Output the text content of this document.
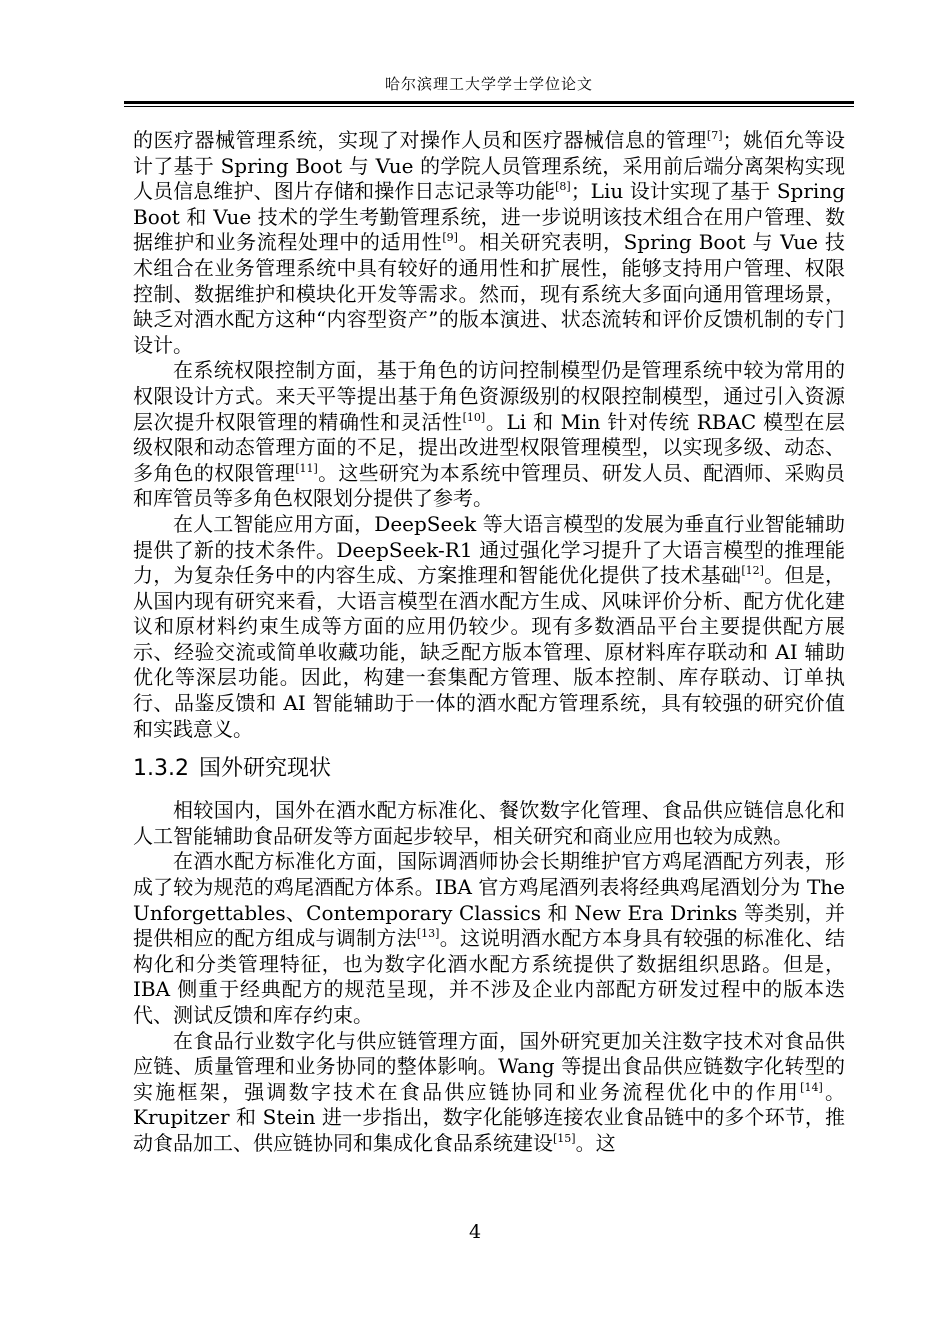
哈尔滨理工大学学士学位论文

的医疗器械管理系统，实现了对操作人员和医疗器械信息的管理[7]；姚佰允等设计了基于 Spring Boot 与 Vue 的学院人员管理系统，采用前后端分离架构实现人员信息维护、图片存储和操作日志记录等功能[8]；Liu 设计实现了基于 Spring Boot 和 Vue 技术的学生考勤管理系统，进一步说明该技术组合在用户管理、数据维护和业务流程处理中的适用性[9]。相关研究表明，Spring Boot 与 Vue 技术组合在业务管理系统中具有较好的通用性和扩展性，能够支持用户管理、权限控制、数据维护和模块化开发等需求。然而，现有系统大多面向通用管理场景，缺乏对酒水配方这种“内容型资产”的版本演进、状态流转和评价反馈机制的专门设计。

在系统权限控制方面，基于角色的访问控制模型仍是管理系统中较为常用的权限设计方式。来天平等提出基于角色资源级别的权限控制模型，通过引入资源层次提升权限管理的精确性和灵活性[10]。Li 和 Min 针对传统 RBAC 模型在层级权限和动态管理方面的不足，提出改进型权限管理模型，以实现多级、动态、多角色的权限管理[11]。这些研究为本系统中管理员、研发人员、配酒师、采购员和库管员等多角色权限划分提供了参考。

在人工智能应用方面，DeepSeek 等大语言模型的发展为垂直行业智能辅助提供了新的技术条件。DeepSeek-R1 通过强化学习提升了大语言模型的推理能力，为复杂任务中的内容生成、方案推理和智能优化提供了技术基础[12]。但是，从国内现有研究来看，大语言模型在酒水配方生成、风味评价分析、配方优化建议和原材料约束生成等方面的应用仍较少。现有多数酒品平台主要提供配方展示、经验交流或简单收藏功能，缺乏配方版本管理、原材料库存联动和 AI 辅助优化等深层功能。因此，构建一套集配方管理、版本控制、库存联动、订单执行、品鉴反馈和 AI 智能辅助于一体的酒水配方管理系统，具有较强的研究价值和实践意义。

1.3.2 国外研究现状

相较国内，国外在酒水配方标准化、餐饮数字化管理、食品供应链信息化和人工智能辅助食品研发等方面起步较早，相关研究和商业应用也较为成熟。

在酒水配方标准化方面，国际调酒师协会长期维护官方鸡尾酒配方列表，形成了较为规范的鸡尾酒配方体系。IBA 官方鸡尾酒列表将经典鸡尾酒划分为 The Unforgettables、Contemporary Classics 和 New Era Drinks 等类别，并提供相应的配方组成与调制方法[13]。这说明酒水配方本身具有较强的标准化、结构化和分类管理特征，也为数字化酒水配方系统提供了数据组织思路。但是，IBA 侧重于经典配方的规范呈现，并不涉及企业内部配方研发过程中的版本迭代、测试反馈和库存约束。

在食品行业数字化与供应链管理方面，国外研究更加关注数字技术对食品供应链、质量管理和业务协同的整体影响。Wang 等提出食品供应链数字化转型的实施框架，强调数字技术在食品供应链协同和业务流程优化中的作用[14]。Krupitzer 和 Stein 进一步指出，数字化能够连接农业食品链中的多个环节，推动食品加工、供应链协同和集成化食品系统建设[15]。这

4
